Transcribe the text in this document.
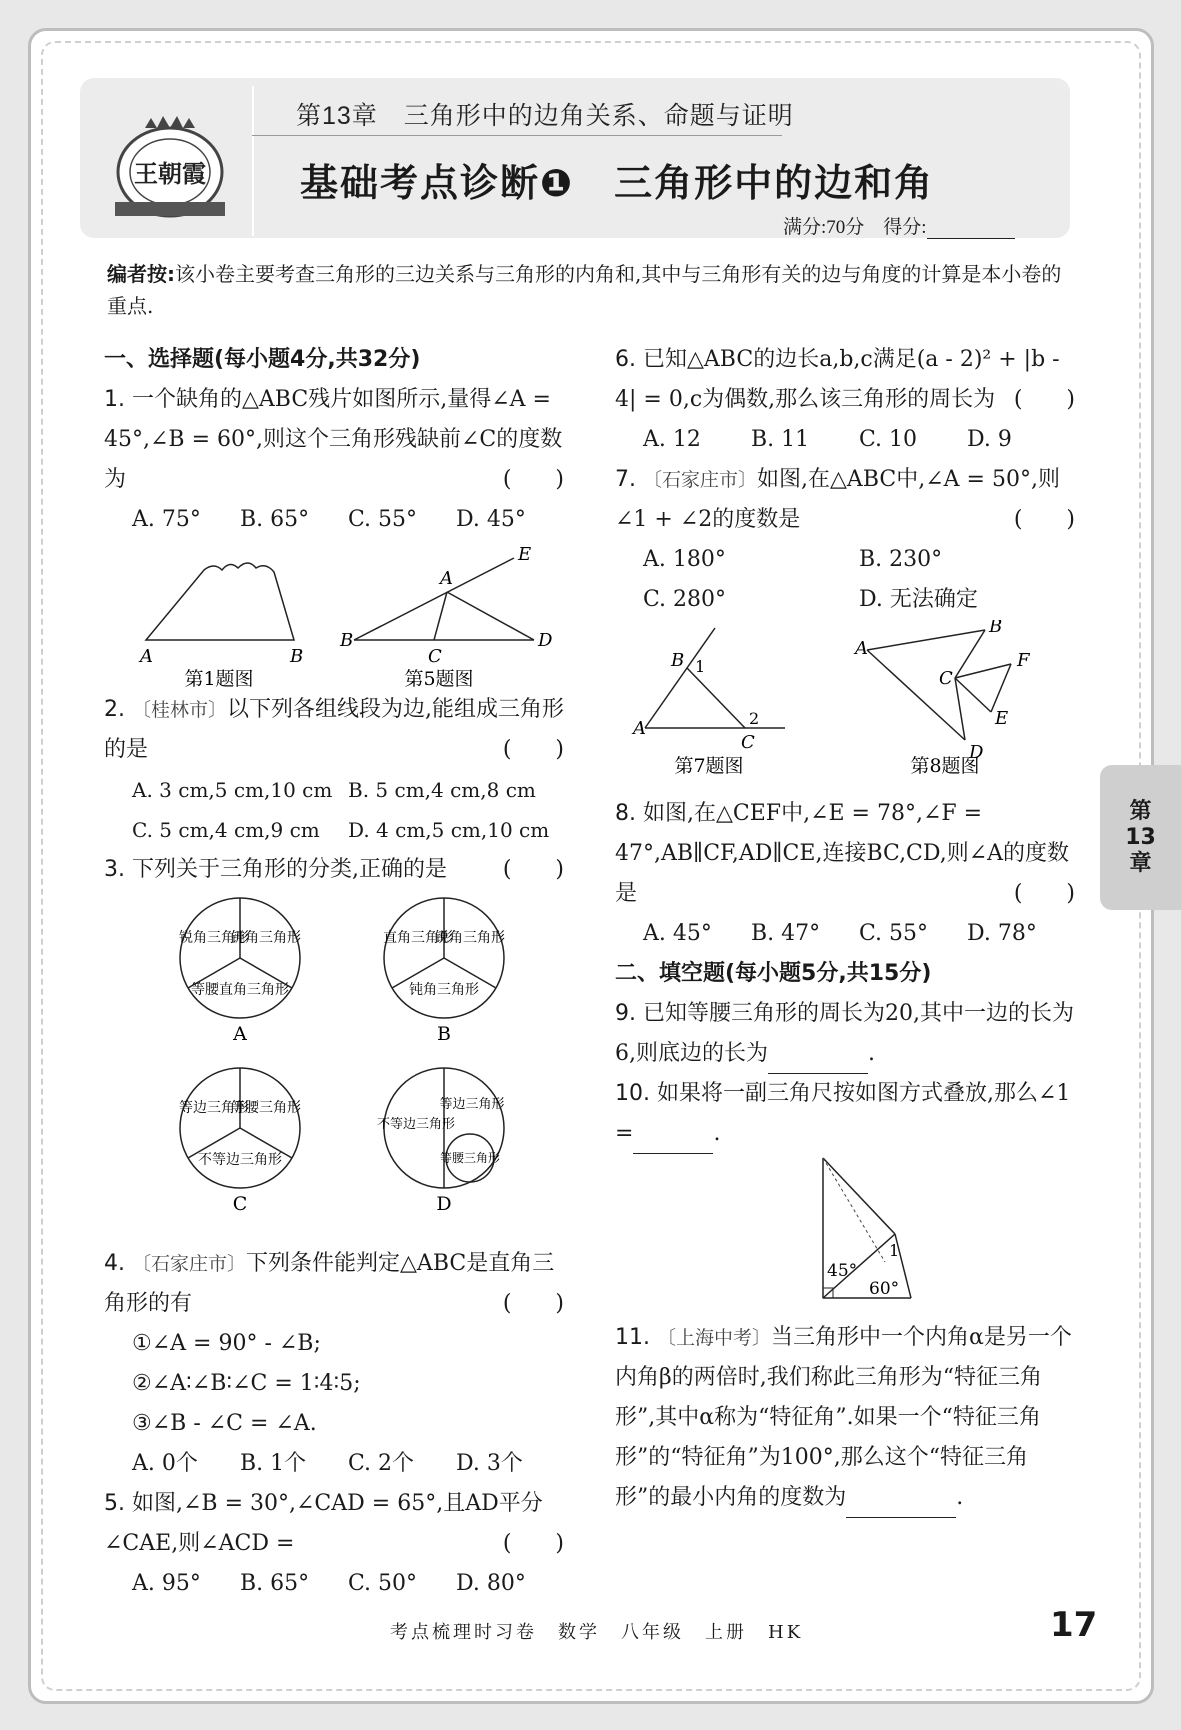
王朝霞
第13章　三角形中的边角关系、命题与证明
基础考点诊断❶　三角形中的边和角
满分:70分 得分:
编者按:该小卷主要考查三角形的三边关系与三角形的内角和,其中与三角形有关的边与角度的计算是本小卷的重点.
一、选择题(每小题4分,共32分)
1. 一个缺角的△ABC残片如图所示,量得∠A = 45°,∠B = 60°,则这个三角形残缺前∠C的度数为	(　　)
A. 75°	B. 65°	C. 55°	D. 45°
A	B
第1题图
A
B
C
D
E
第5题图
2. 〔桂林市〕以下列各组线段为边,能组成三角形的是	(　　)
A. 3 cm,5 cm,10 cm B. 5 cm,4 cm,8 cm
C. 5 cm,4 cm,9 cm	D. 4 cm,5 cm,10 cm
3. 下列关于三角形的分类,正确的是	(　　)
锐角三角形
钝角三角形
等腰直角三角形
A
直角三角形
锐角三角形
钝角三角形
B
等边三角形
等腰三角形
不等边三角形
C
不等边三角形
等边三角形
等腰三角形
D
4. 〔石家庄市〕下列条件能判定△ABC是直角三角形的有	(　　)
①∠A = 90° - ∠B;
②∠A∶∠B∶∠C = 1∶4∶5;
③∠B - ∠C = ∠A.
A. 0个	B. 1个	C. 2个	D. 3个
5. 如图,∠B = 30°,∠CAD = 65°,且AD平分∠CAE,则∠ACD =	(　　)
A. 95°	B. 65°	C. 50°	D. 80°
6. 已知△ABC的边长a,b,c满足(a - 2)² + |b - 4| = 0,c为偶数,那么该三角形的周长为 (　　)
A. 12	B. 11	C. 10	D. 9
7. 〔石家庄市〕如图,在△ABC中,∠A = 50°,则∠1 + ∠2的度数是	(　　)
A. 180°	B. 230°
C. 280°	D. 无法确定
A
B
C
1
2
第7题图
A
B
C
D
E
F
第8题图
8. 如图,在△CEF中,∠E = 78°,∠F = 47°,AB∥CF,AD∥CE,连接BC,CD,则∠A的度数是	(　　)
A. 45°	B. 47°	C. 55°	D. 78°
二、填空题(每小题5分,共15分)
9. 已知等腰三角形的周长为20,其中一边的长为6,则底边的长为	.
10. 如果将一副三角尺按如图方式叠放,那么∠1 =	.
45°
60°
1
11. 〔上海中考〕当三角形中一个内角α是另一个内角β的两倍时,我们称此三角形为“特征三角形”,其中α称为“特征角”.如果一个“特征三角形”的“特征角”为100°,那么这个“特征三角形”的最小内角的度数为	.
第
13
章
考点梳理时习卷　数学　八年级　上册　HK	17
